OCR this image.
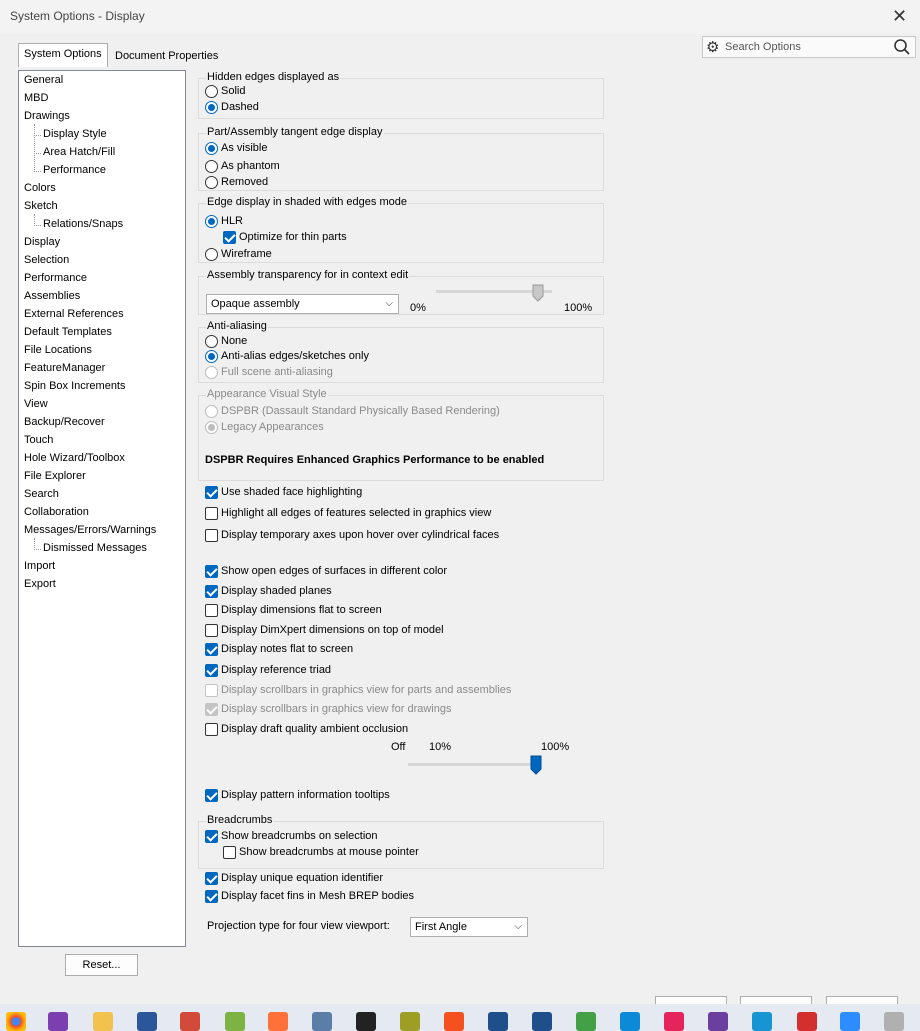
System Options - Display	✕
System Options	Document Properties	⚙ Search Options
General
MBD
Drawings
Display Style
Area Hatch/Fill
Performance
Colors
Sketch
Relations/Snaps
Display
Selection
Performance
Assemblies
External References
Default Templates
File Locations
FeatureManager
Spin Box Increments
View
Backup/Recover
Touch
Hole Wizard/Toolbox
File Explorer
Search
Collaboration
Messages/Errors/Warnings
Dismissed Messages
Import
Export
Reset...
Hidden edges displayed as
Solid
Dashed
Part/Assembly tangent edge display
As visible
As phantom
Removed
Edge display in shaded with edges mode
HLR
Optimize for thin parts
Wireframe
Assembly transparency for in context edit
Opaque assembly	⌵ 0%	100%
Anti-aliasing
None
Anti-alias edges/sketches only
Full scene anti-aliasing
Appearance Visual Style
DSPBR (Dassault Standard Physically Based Rendering)
Legacy Appearances
DSPBR Requires Enhanced Graphics Performance to be enabled
Use shaded face highlighting
Highlight all edges of features selected in graphics view
Display temporary axes upon hover over cylindrical faces
Show open edges of surfaces in different color
Display shaded planes
Display dimensions flat to screen
Display DimXpert dimensions on top of model
Display notes flat to screen
Display reference triad
Display scrollbars in graphics view for parts and assemblies
Display scrollbars in graphics view for drawings
Display draft quality ambient occlusion
Off 10%	100%
Display pattern information tooltips
Breadcrumbs
Show breadcrumbs on selection
Show breadcrumbs at mouse pointer
Display unique equation identifier
Display facet fins in Mesh BREP bodies
Projection type for four view viewport:	First Angle	⌵
